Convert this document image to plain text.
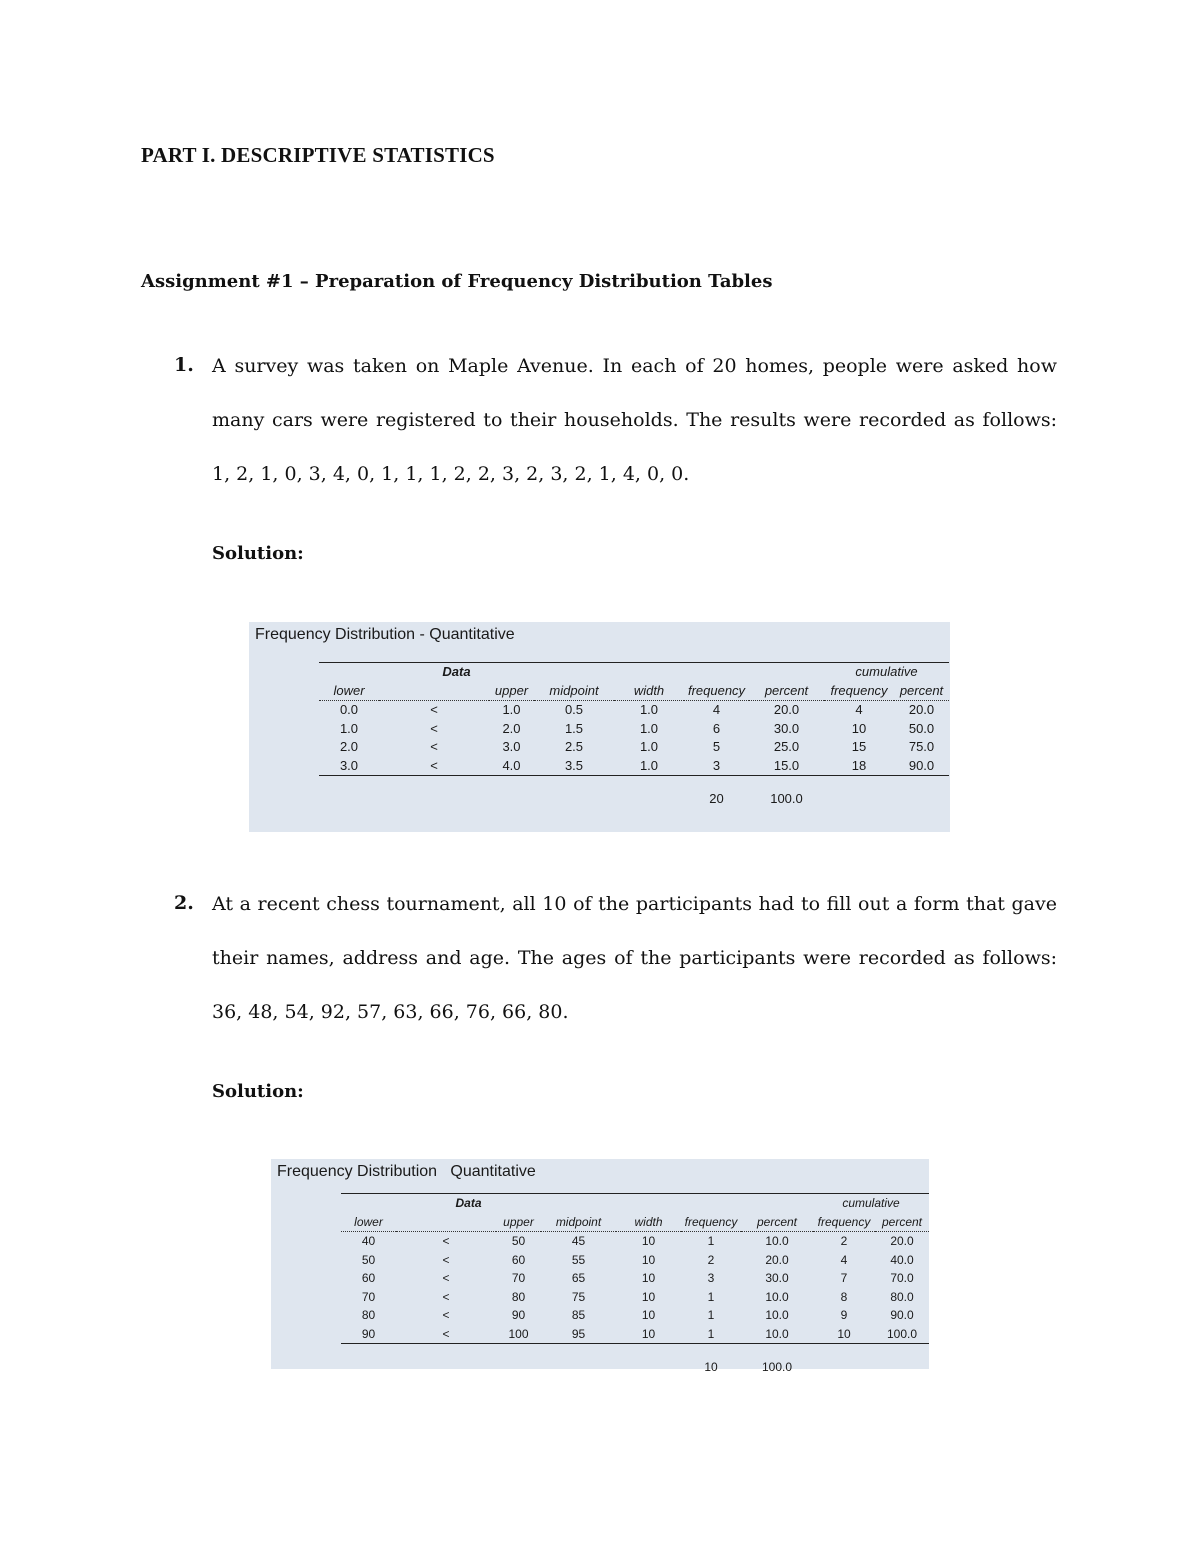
PART I. DESCRIPTIVE STATISTICS
Assignment #1 – Preparation of Frequency Distribution Tables
1. A survey was taken on Maple Avenue. In each of 20 homes, people were asked how many cars were registered to their households. The results were recorded as follows: 1, 2, 1, 0, 3, 4, 0, 1, 1, 1, 2, 2, 3, 2, 3, 2, 1, 4, 0, 0.
Solution:
Frequency Distribution - Quantitative
	Data						cumulative	
lower		upper	midpoint	width	frequency	percent	frequency	percent
0.0	<	1.0	0.5	1.0	4	20.0	4	20.0
1.0	<	2.0	1.5	1.0	6	30.0	10	50.0
2.0	<	3.0	2.5	1.0	5	25.0	15	75.0
3.0	<	4.0	3.5	1.0	3	15.0	18	90.0

					20	100.0		
2. At a recent chess tournament, all 10 of the participants had to fill out a form that gave their names, address and age. The ages of the participants were recorded as follows: 36, 48, 54, 92, 57, 63, 66, 76, 66, 80.
Solution:
Frequency Distribution   Quantitative
	Data						cumulative	
lower		upper	midpoint	width	frequency	percent	frequency	percent
40	<	50	45	10	1	10.0	2	20.0
50	<	60	55	10	2	20.0	4	40.0
60	<	70	65	10	3	30.0	7	70.0
70	<	80	75	10	1	10.0	8	80.0
80	<	90	85	10	1	10.0	9	90.0
90	<	100	95	10	1	10.0	10	100.0

					10	100.0		
